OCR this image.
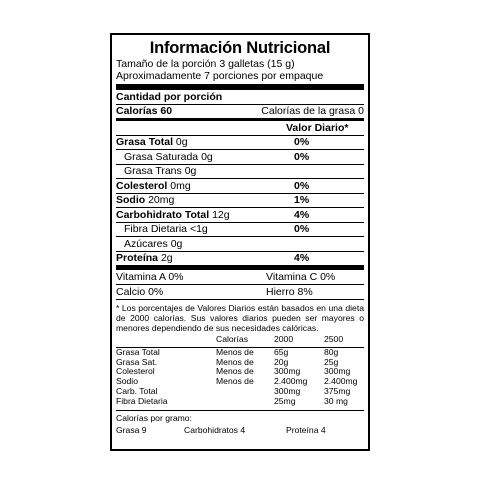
Información Nutricional
Tamaño de la porción 3 galletas (15 g)
Aproximadamente 7 porciones por empaque
Cantidad por porción
Calorías 60	Calorías de la grasa 0
Valor Diario*
Grasa Total 0g	0%
Grasa Saturada 0g	0%
Grasa Trans 0g
Colesterol 0mg	0%
Sodio 20mg	1%
Carbohidrato Total 12g	4%
Fibra Dietaria <1g	0%
Azúcares 0g
Proteína 2g	4%
Vitamina A 0%	Vitamina C 0%
Calcio 0%	Hierro 8%
* Los porcentajes de Valores Diarios están basados en una dieta de 2000 calorías. Sus valores diarios pueden ser mayores o menores dependiendo de sus necesidades calóricas.
	Calorías	2000	2500
Grasa Total	Menos de	65g	80g
Grasa Sat.	Menos de	20g	25g
Colesterol	Menos de	300mg	300mg
Sodio	Menos de	2.400mg	2.400mg
Carb. Total		300mg	375mg
Fibra Dietaria		25mg	30 mg
Calorías por gramo:
Grasa 9	Carbohidratos 4	Proteína 4
